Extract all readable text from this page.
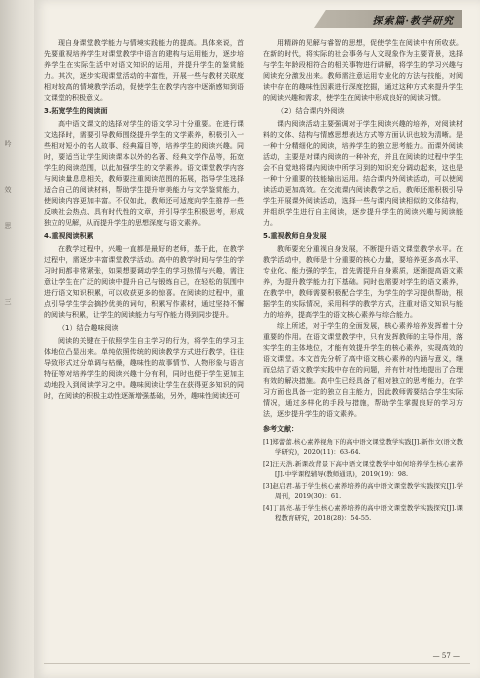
吟
效
思
三
探索篇·教学研究

现自身课堂教学能力与情境实践能力的提高。具体来说，首先要重视培养学生对课堂教学中语言的建构与运用能力，逐步培养学生在实际生活中对语文知识的运用，并提升学生的鉴赏能力。其次，逐步实现课堂活动的丰富性，开展一些与教材关联度相对较高的情境教学活动，促使学生在教学内容中逐渐感知到语文课堂的积极意义。

3.拓宽学生的阅读面

高中语文课文的选择对学生的语文学习十分重要。在进行课文选择时，需要引导教师围绕提升学生的文学素养，积极引入一些相对短小的名人故事、经典篇目等，培养学生的阅读兴趣。同时，要适当让学生阅读课本以外的名著、经典文学作品等，拓宽学生的阅读范围，以此加强学生的文学素养。语文课堂教学内容与阅读量息息相关，教师要注重阅读范围的拓展，指导学生选择适合自己的阅读材料，帮助学生提升审美能力与文学鉴赏能力，使阅读内容更加丰富。不仅如此，教师还可适度向学生推荐一些反映社会热点、具有时代性的文章，并引导学生积极思考，形成独立的见解，从而提升学生的思想深度与语文素养。

4.重视阅读积累

在教学过程中，兴趣一直都是最好的老师，基于此，在教学过程中，需逐步丰富课堂教学活动。高中的教学时间与学生的学习时间都非常紧张，如果想要调动学生的学习热情与兴趣，需注意让学生在广泛的阅读中提升自己与锻炼自己，在轻松的氛围中进行语文知识积累，可以收获更多的惊喜。在阅读的过程中，重点引导学生学会摘抄优美的词句，积累写作素材，通过坚持不懈的阅读与积累，让学生的阅读能力与写作能力得到同步提升。

（1）结合趣味阅读

阅读的关键在于依照学生自主学习的行为，将学生的学习主体地位凸显出来。单纯依照传统的阅读教学方式进行教学，往往导致形式过分单调与枯燥，趣味性的故事情节、人物形象与语言特征等对培养学生的阅读兴趣十分有利，同时也便于学生更加主动地投入到阅读学习之中。趣味阅读让学生在获得更多知识的同时，在阅读的积极主动性逐渐增强基础，另外，趣味性阅读还可

用精辟的见解与睿智的思想，促使学生在阅读中有所收获。在新的时代，将实际的社会事务与人文现象作为主要背景，选择与学生年龄段相符合的相关事物进行讲解，将学生的学习兴趣与阅读充分激发出来。教师需注意运用专业化的方法与技能，对阅读中存在的趣味性因素进行深度挖掘，通过这种方式来提升学生的阅读兴趣和需求，使学生在阅读中形成良好的阅读习惯。

（2）结合课内外阅读

课内阅读活动主要强调对于学生阅读兴趣的培养，对阅读材料的文体、结构与情感思想表达方式等方面认识也较为清晰。是一种十分精细化的阅读，培养学生的独立思考能力。而课外阅读活动，主要是对课内阅读的一种补充，并且在阅读的过程中学生会不自觉地将课内阅读中所学习到的知识充分调动起来，这也是一种十分重要的技能输出运用。结合课内外阅读活动，可以使阅读活动更加高效。在交流课内阅读教学之后，教师还需积极引导学生开展课外阅读活动，选择一些与课内阅读相似的文体结构，并组织学生进行自主阅读，逐步提升学生的阅读兴趣与阅读能力。

5.重视教师自身发展

教师要充分重视自身发展，不断提升语文课堂教学水平。在教学活动中，教师是十分重要的核心力量，要培养更多高水平、专业化、能力强的学生，首先需提升自身素质，逐渐提高语文素养，为提升教学能力打下基础。同时也需要对学生的语文素养，在教学中，教师需要积极配合学生，为学生的学习提供帮助，根据学生的实际情况，采用科学的教学方式，注重对语文知识与能力的培养，提高学生的语文核心素养与综合能力。

综上所述，对于学生的全面发展，核心素养培养发挥着十分重要的作用。在语文课堂教学中，只有发挥教师的主导作用，落实学生的主体地位，才能有效提升学生的核心素养，实现高效的语文课堂。本文首先分析了高中语文核心素养的内涵与意义，继而总结了语文教学实践中存在的问题，并有针对性地提出了合理有效的解决措施。高中生已经具备了相对独立的思考能力，在学习方面也具备一定的独立自主能力，因此教师需要结合学生实际情况，通过多样化的手段与措施，帮助学生掌握良好的学习方法，逐步提升学生的语文素养。

参考文献：

[1]郑蕾蕾.核心素养视角下的高中语文课堂教学实践[J].新作文(语文教学研究)，2020(11)：63-64.

[2]汪天浩.新课改背景下高中语文课堂教学中如何培养学生核心素养[J].中学课程辅导(教师通讯)，2019(19)：98.

[3]赵启君.基于学生核心素养培养的高中语文课堂教学实践探究[J].学周刊，2019(30)：61.

[4]丁昌亮.基于学生核心素养培养的高中语文课堂教学实践探究[J].课程教育研究，2018(28)：54-55.

— 57 —
